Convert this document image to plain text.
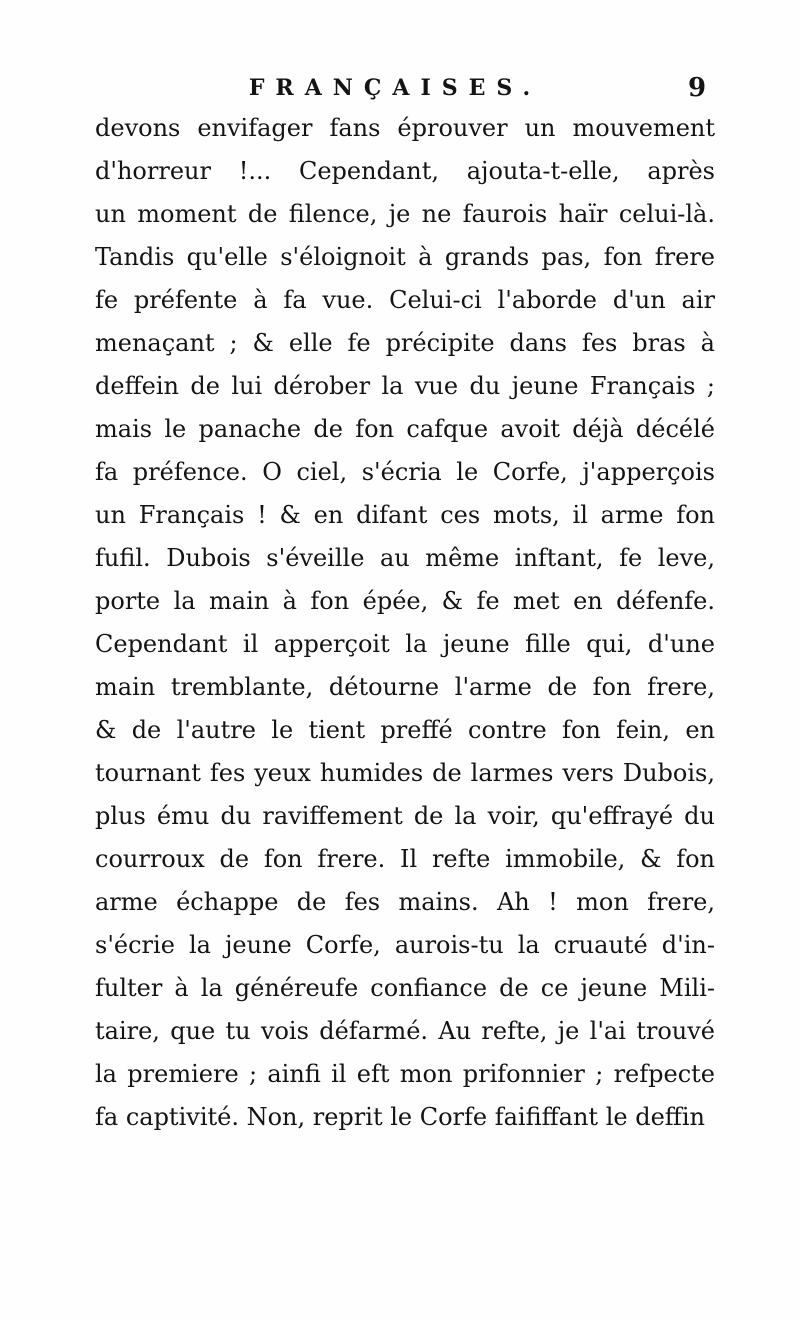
FRANÇAISES.	9
devons envifager fans éprouver un mouvement
d'horreur !... Cependant, ajouta-t-elle, après
un moment de filence, je ne faurois haïr celui-là.
Tandis qu'elle s'éloignoit à grands pas, fon frere
fe préfente à fa vue. Celui-ci l'aborde d'un air
menaçant ; & elle fe précipite dans fes bras à
deffein de lui dérober la vue du jeune Français ;
mais le panache de fon cafque avoit déjà décélé
fa préfence. O ciel, s'écria le Corfe, j'apperçois
un Français ! & en difant ces mots, il arme fon
fufil. Dubois s'éveille au même inftant, fe leve,
porte la main à fon épée, & fe met en défenfe.
Cependant il apperçoit la jeune fille qui, d'une
main tremblante, détourne l'arme de fon frere,
& de l'autre le tient preffé contre fon fein, en
tournant fes yeux humides de larmes vers Dubois,
plus ému du raviffement de la voir, qu'effrayé du
courroux de fon frere. Il refte immobile, & fon
arme échappe de fes mains. Ah ! mon frere,
s'écrie la jeune Corfe, aurois-tu la cruauté d'in-
fulter à la généreufe confiance de ce jeune Mili-
taire, que tu vois défarmé. Au refte, je l'ai trouvé
la premiere ; ainfi il eft mon prifonnier ; refpecte
fa captivité. Non, reprit le Corfe faififfant le deffin
